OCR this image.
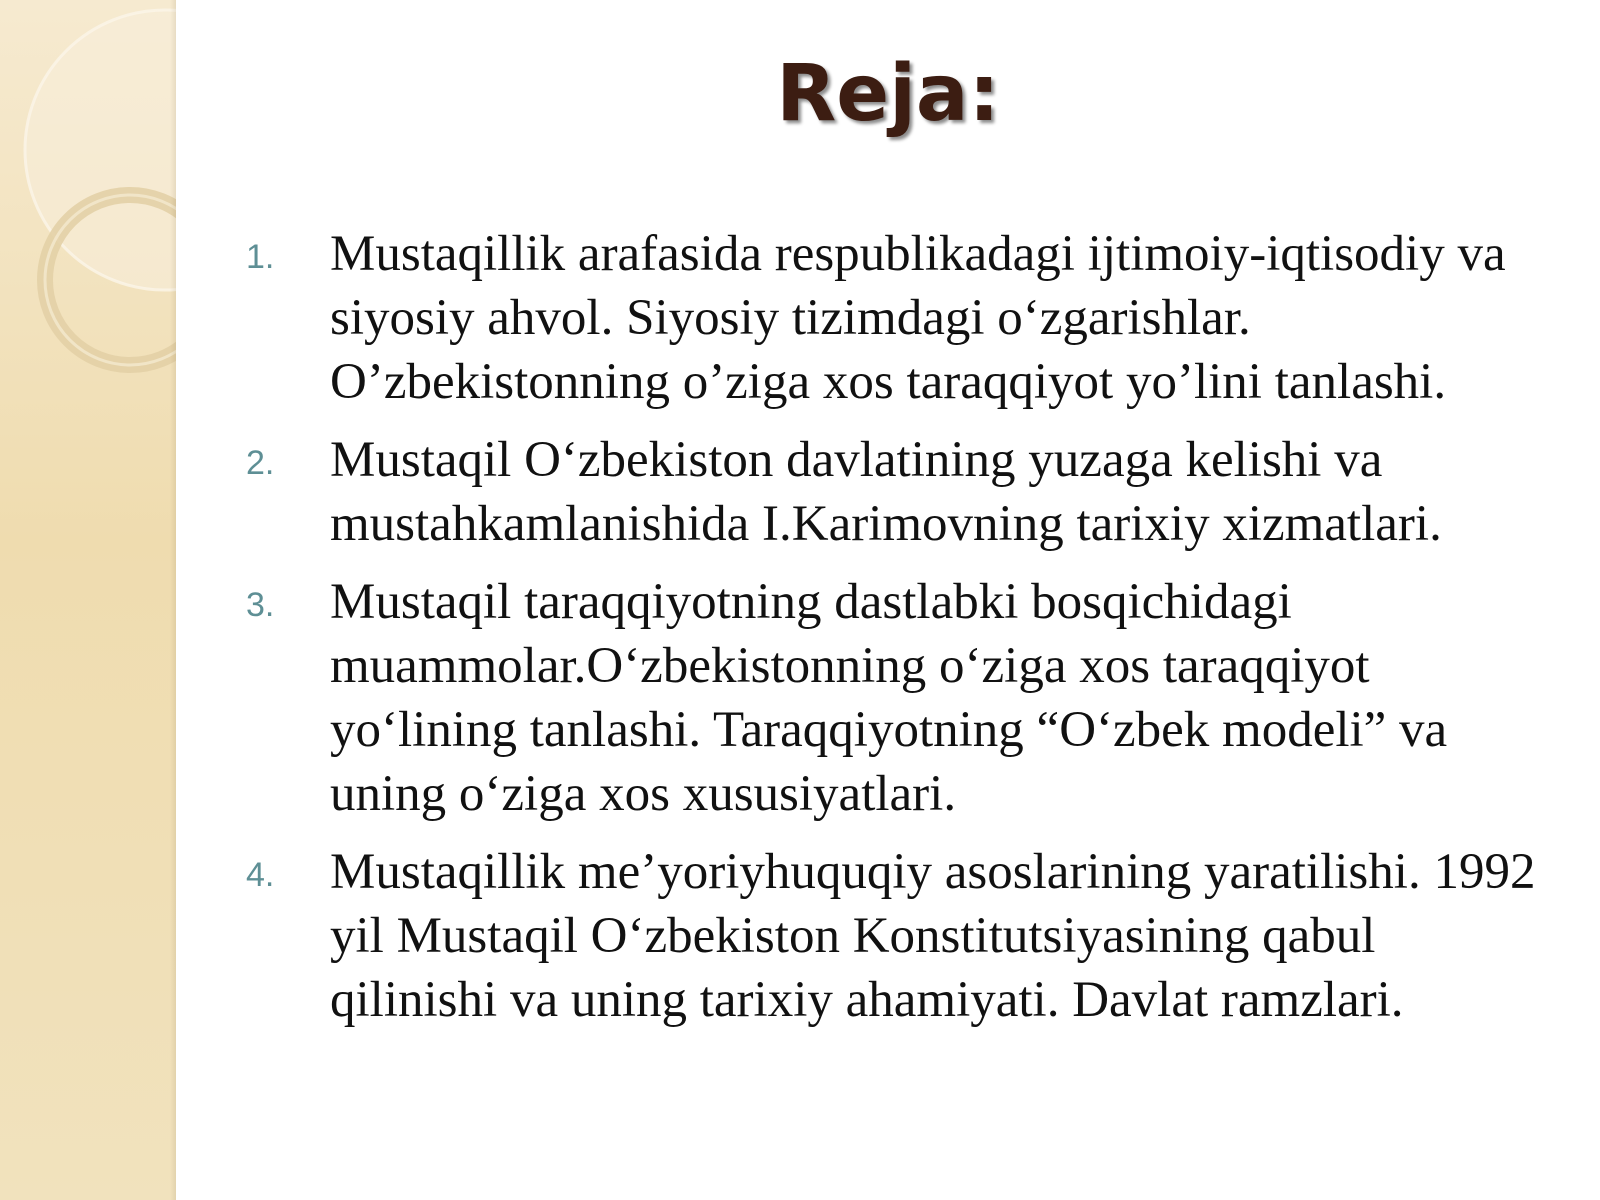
Reja:
1.	Mustaqillik arafasida respublikadagi ijtimoiy-iqtisodiy va siyosiy ahvol. Siyosiy tizimdagi o‘zgarishlar. O’zbekistonning o’ziga xos taraqqiyot yo’lini tanlashi.
2.	Mustaqil O‘zbekiston davlatining yuzaga kelishi va mustahkamlanishida I.Karimovning tarixiy xizmatlari.
3.	Mustaqil taraqqiyotning dastlabki bosqichidagi muammolar.O‘zbekistonning o‘ziga xos taraqqiyot yo‘lining tanlashi. Taraqqiyotning “O‘zbek modeli” va uning o‘ziga xos xususiyatlari.
4.	Mustaqillik me’yoriyhuquqiy asoslarining yaratilishi. 1992 yil Mustaqil O‘zbekiston Konstitutsiyasining qabul qilinishi va uning tarixiy ahamiyati. Davlat ramzlari.
